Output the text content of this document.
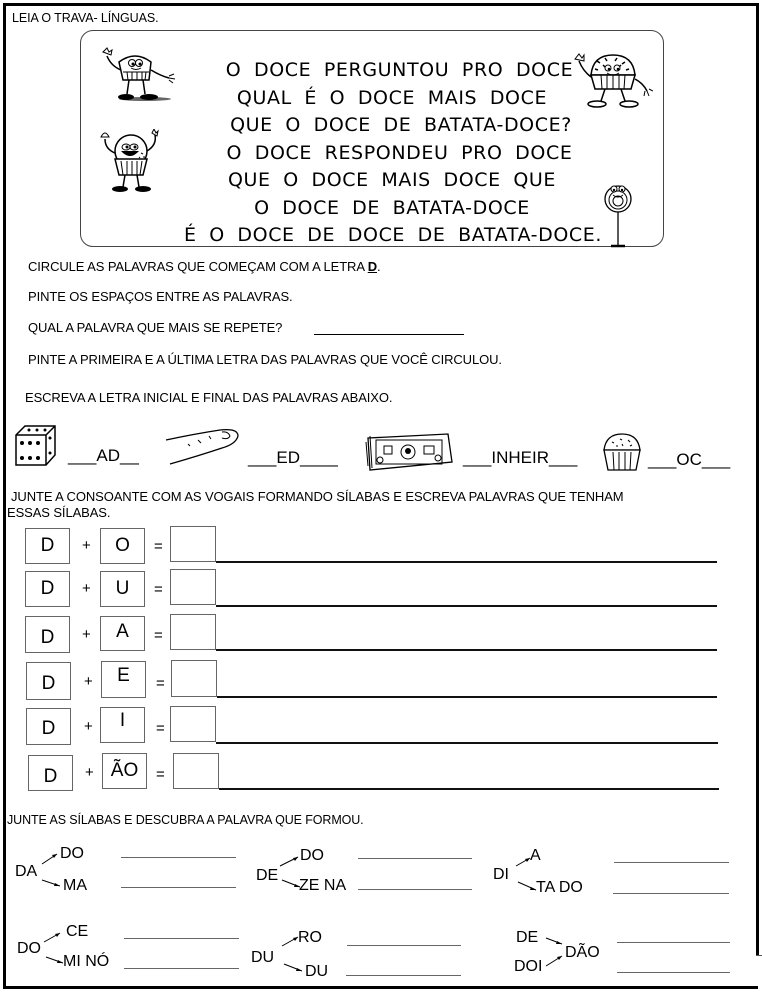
LEIA O TRAVA- LÍNGUAS.
O DOCE PERGUNTOU PRO DOCE
QUAL É O DOCE MAIS DOCE
QUE O DOCE DE BATATA-DOCE?
O DOCE RESPONDEU PRO DOCE
QUE O DOCE MAIS DOCE QUE
O DOCE DE BATATA-DOCE
É O DOCE DE DOCE DE BATATA-DOCE.
CIRCULE AS PALAVRAS QUE COMEÇAM COM A LETRA D.
PINTE OS ESPAÇOS ENTRE AS PALAVRAS.
QUAL A PALAVRA QUE MAIS SE REPETE?
PINTE A PRIMEIRA E A ÚLTIMA LETRA DAS PALAVRAS QUE VOCÊ CIRCULOU.
ESCREVA A LETRA INICIAL E FINAL DAS PALAVRAS ABAIXO.
___AD__	___ED____	___INHEIR___	___OC___
JUNTE A CONSOANTE COM AS VOGAIS FORMANDO SÍLABAS E ESCREVA PALAVRAS QUE TENHAM
ESSAS SÍLABAS.
D	+	O	=
D	+	U	=
D	+	A	=
D	+	E	=
D	+	I	=
D	+ ÃO	=
JUNTE AS SÍLABAS E DESCUBRA A PALAVRA QUE FORMOU.
DA
DO
MA
DE
DO
ZE NA
DI
A
TA DO
DO
CE
MI NÓ	DU
RO
DU
DE
DOI
DÃO
